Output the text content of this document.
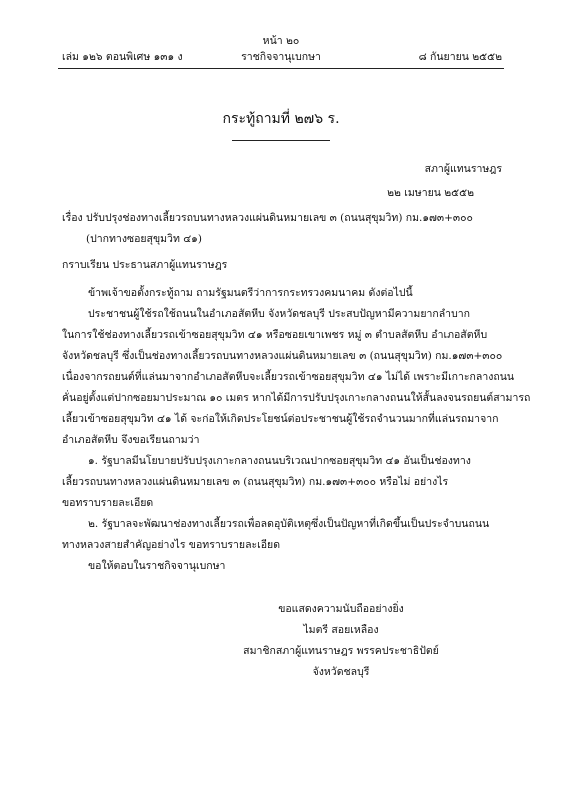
หน้า ๒๐
เล่ม ๑๒๖ ตอนพิเศษ ๑๓๑ ง	ราชกิจจานุเบกษา	๘ กันยายน ๒๕๕๒
กระทู้ถามที่ ๒๗๖ ร.
สภาผู้แทนราษฎร
๒๒ เมษายน ๒๕๕๒
เรื่อง ปรับปรุงช่องทางเลี้ยวรถบนทางหลวงแผ่นดินหมายเลข ๓ (ถนนสุขุมวิท) กม.๑๗๓+๓๐๐
(ปากทางซอยสุขุมวิท ๔๑)
กราบเรียน ประธานสภาผู้แทนราษฎร
ข้าพเจ้าขอตั้งกระทู้ถาม ถามรัฐมนตรีว่าการกระทรวงคมนาคม ดังต่อไปนี้
ประชาชนผู้ใช้รถใช้ถนนในอำเภอสัตหีบ จังหวัดชลบุรี ประสบปัญหามีความยากลำบาก
ในการใช้ช่องทางเลี้ยวรถเข้าซอยสุขุมวิท ๔๑ หรือซอยเขาเพชร หมู่ ๓ ตำบลสัตหีบ อำเภอสัตหีบ
จังหวัดชลบุรี ซึ่งเป็นช่องทางเลี้ยวรถบนทางหลวงแผ่นดินหมายเลข ๓ (ถนนสุขุมวิท) กม.๑๗๓+๓๐๐
เนื่องจากรถยนต์ที่แล่นมาจากอำเภอสัตหีบจะเลี้ยวรถเข้าซอยสุขุมวิท ๔๑ ไม่ได้ เพราะมีเกาะกลางถนน
คั่นอยู่ตั้งแต่ปากซอยมาประมาณ ๑๐ เมตร หากได้มีการปรับปรุงเกาะกลางถนนให้สั้นลงจนรถยนต์สามารถ
เลี้ยวเข้าซอยสุขุมวิท ๔๑ ได้ จะก่อให้เกิดประโยชน์ต่อประชาชนผู้ใช้รถจำนวนมากที่แล่นรถมาจาก
อำเภอสัตหีบ จึงขอเรียนถามว่า
๑. รัฐบาลมีนโยบายปรับปรุงเกาะกลางถนนบริเวณปากซอยสุขุมวิท ๔๑ อันเป็นช่องทาง
เลี้ยวรถบนทางหลวงแผ่นดินหมายเลข ๓ (ถนนสุขุมวิท) กม.๑๗๓+๓๐๐ หรือไม่ อย่างไร
ขอทราบรายละเอียด
๒. รัฐบาลจะพัฒนาช่องทางเลี้ยวรถเพื่อลดอุบัติเหตุซึ่งเป็นปัญหาที่เกิดขึ้นเป็นประจำบนถนน
ทางหลวงสายสำคัญอย่างไร ขอทราบรายละเอียด
ขอให้ตอบในราชกิจจานุเบกษา
ขอแสดงความนับถืออย่างยิ่ง
ไมตรี สอยเหลือง
สมาชิกสภาผู้แทนราษฎร พรรคประชาธิปัตย์
จังหวัดชลบุรี
